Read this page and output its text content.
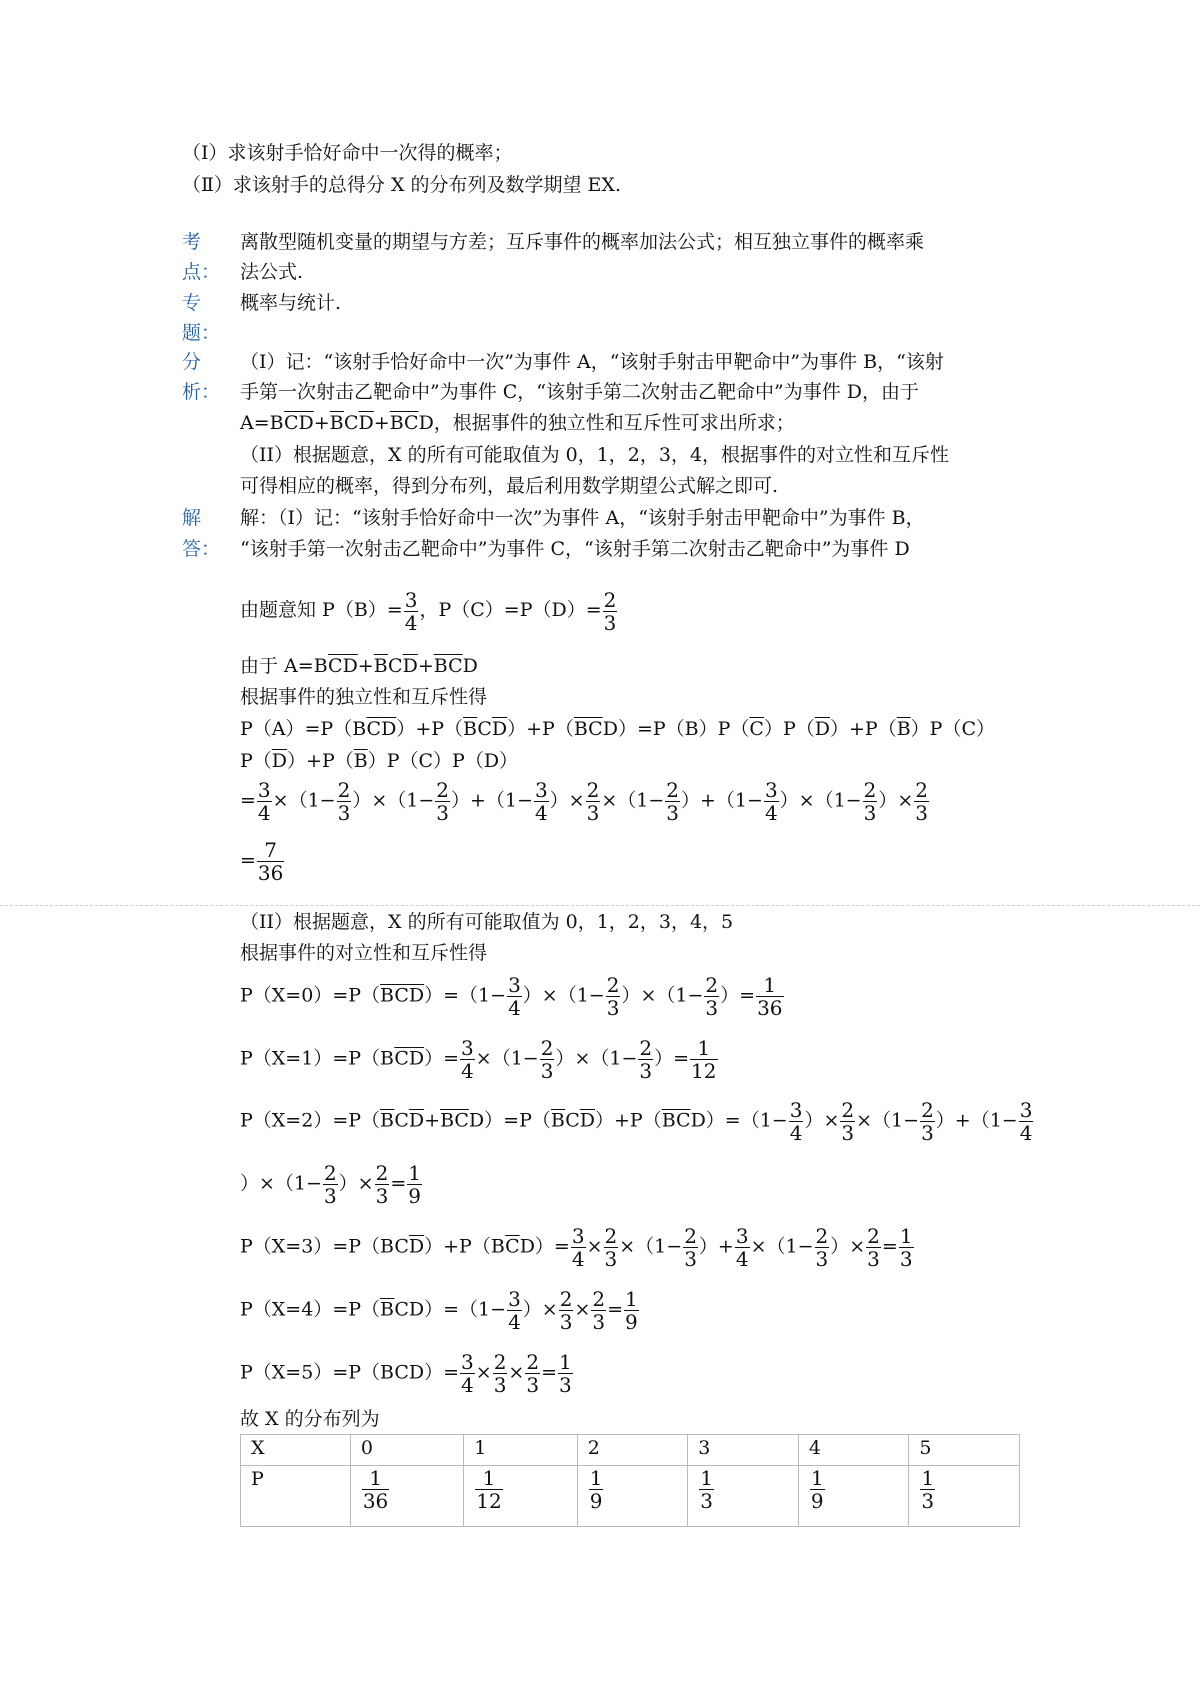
（Ⅰ）求该射手恰好命中一次得的概率；
（Ⅱ）求该射手的总得分 X 的分布列及数学期望 EX.
考
点：
离散型随机变量的期望与方差；互斥事件的概率加法公式；相互独立事件的概率乘
法公式.
专
题：
概率与统计.
分
析：
（I）记：“该射手恰好命中一次”为事件 A，“该射手射击甲靶命中”为事件 B，“该射
手第一次射击乙靶命中”为事件 C，“该射手第二次射击乙靶命中”为事件 D，由于
$A=B\overline{C}\overline{D}+\overline{B}C\overline{D}+\overline{BC}D$，根据事件的独立性和互斥性可求出所求；
（II）根据题意，X 的所有可能取值为 0，1，2，3，4，根据事件的对立性和互斥性
可得相应的概率，得到分布列，最后利用数学期望公式解之即可.
解
答：
解：（I）记：“该射手恰好命中一次”为事件 A，“该射手射击甲靶命中”为事件 B，
“该射手第一次射击乙靶命中”为事件 C，“该射手第二次射击乙靶命中”为事件 D
由题意知 $P(B)= \frac{3}{4}$ ，$P(C)=P(D)= \frac{2}{3}$
由于 $A=B\overline{C}\overline{D}+\overline{B}C\overline{D}+\overline{BC}D$
根据事件的独立性和互斥性得
$P(A)=P(B\overline{C}\overline{D})+P(\overline{B}C\overline{D})+P(\overline{BC}D)=P(B)P(\overline{C})P(\overline{D})+P(\overline{B})P(C)$
$P(\overline{D})+P(\overline{B})P(C)P(D)$
= $\frac{3}{4} \times(1- \frac{2}{3} )\times(1- \frac{2}{3} )+(1- \frac{3}{4}$ ）× $\frac{2}{3} \times(1- \frac{2}{3} )+(1- \frac{3}{4} )\times(1- \frac{2}{3}$ ）× $\frac{2}{3}$
= $\frac{7}{36}$
（II）根据题意，X 的所有可能取值为 0，1，2，3，4，5
根据事件的对立性和互斥性得
$P(X=0)=P(\overline{BCD})=(1- \frac{3}{4} )\times(1- \frac{2}{3} )\times(1- \frac{2}{3}$ ）= $\frac{1}{36}$
$P(X=1)=P(B\overline{C}\overline{D})= \frac{3}{4} \times(1- \frac{2}{3} )\times(1- \frac{2}{3}$ ）= $\frac{1}{12}$
$P(X=2)=P(\overline{B}C\overline{D}+\overline{BC}D)=P(\overline{B}C\overline{D})+P(\overline{BC}D)=(1- \frac{3}{4}$ ）× $\frac{2}{3} \times(1- \frac{2}{3} )+(1- \frac{3}{4}$
）$\times(1- \frac{2}{3}$ ）× $\frac{2}{3} = \frac{1}{9}$
$P(X=3)=P(BC\overline{D})+P(B\overline{C}D)= \frac{3}{4} \times \frac{2}{3} \times(1- \frac{2}{3}$ ）+ $\frac{3}{4} \times(1- \frac{2}{3}$ ）× $\frac{2}{3} = \frac{1}{3}$
$P(X=4)=P(\overline{B}CD)=(1- \frac{3}{4}$ ）× $\frac{2}{3} \times \frac{2}{3} = \frac{1}{9}$
$P(X=5)=P(BCD)= \frac{3}{4} \times \frac{2}{3} \times \frac{2}{3} = \frac{1}{3}$
故 X 的分布列为
X	0	1	2	3	4	5
P	$\frac{1}{36}$	$\frac{1}{12}$	$\frac{1}{9}$	$\frac{1}{3}$	$\frac{1}{9}$	$\frac{1}{3}$
